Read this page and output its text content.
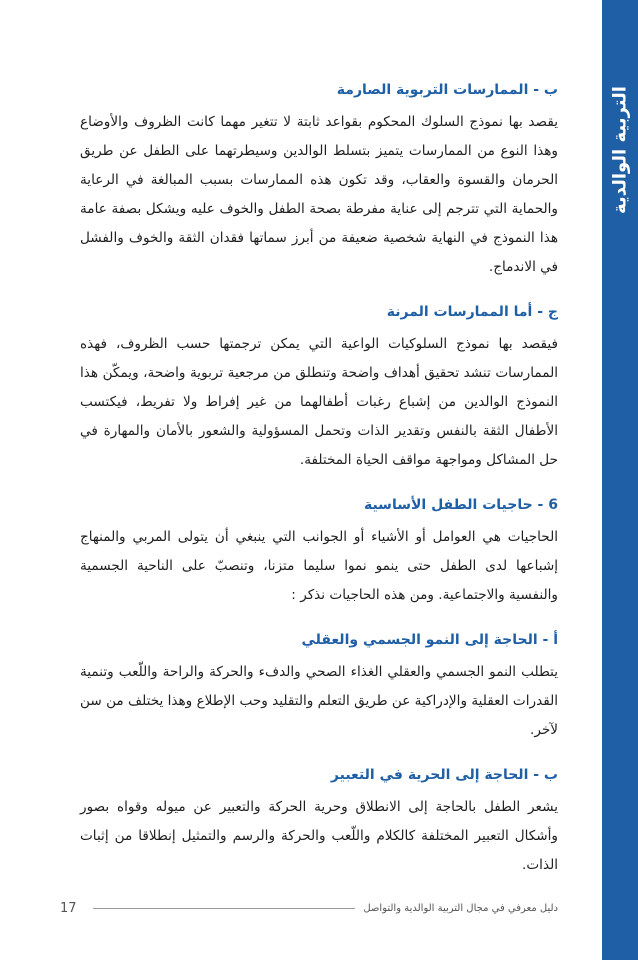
التربية الوالدية
ب - الممارسات التربوية الصارمة

يقصد بها نموذج السلوك المحكوم بقواعد ثابتة لا تتغير مهما كانت الظروف والأوضاع وهذا النوع من الممارسات يتميز بتسلط الوالدين وسيطرتهما على الطفل عن طريق الحرمان والقسوة والعقاب، وقد تكون هذه الممارسات بسبب المبالغة في الرعاية والحماية التي تترجم إلى عناية مفرطة بصحة الطفل والخوف عليه ويشكل بصفة عامة هذا النموذج في النهاية شخصية ضعيفة من أبرز سماتها فقدان الثقة والخوف والفشل في الاندماج.

ج - أما الممارسات المرنة

فيقصد بها نموذج السلوكيات الواعية التي يمكن ترجمتها حسب الظروف، فهذه الممارسات تنشد تحقيق أهداف واضحة وتنطلق من مرجعية تربوية واضحة، ويمكّن هذا النموذج الوالدين من إشباع رغبات أطفالهما من غير إفراط ولا تفريط، فيكتسب الأطفال الثقة بالنفس وتقدير الذات وتحمل المسؤولية والشعور بالأمان والمهارة في حل المشاكل ومواجهة مواقف الحياة المختلفة.

6 - حاجيات الطفل الأساسية

الحاجيات هي العوامل أو الأشياء أو الجوانب التي ينبغي أن يتولى المربي والمنهاج إشباعها لدى الطفل حتى ينمو نموا سليما متزنا، وتنصبّ على الناحية الجسمية والنفسية والاجتماعية. ومن هذه الحاجيات نذكر :

أ - الحاجة إلى النمو الجسمي والعقلي

يتطلب النمو الجسمي والعقلي الغذاء الصحي والدفء والحركة والراحة واللّعب وتنمية القدرات العقلية والإدراكية عن طريق التعلم والتقليد وحب الإطلاع وهذا يختلف من سن لآخر.

ب - الحاجة إلى الحرية في التعبير

يشعر الطفل بالحاجة إلى الانطلاق وحرية الحركة والتعبير عن ميوله وقواه بصور وأشكال التعبير المختلفة كالكلام واللّعب والحركة والرسم والتمثيل إنطلاقا من إثبات الذات.

17	دليل معرفي في مجال التربية الوالدية والتواصل
